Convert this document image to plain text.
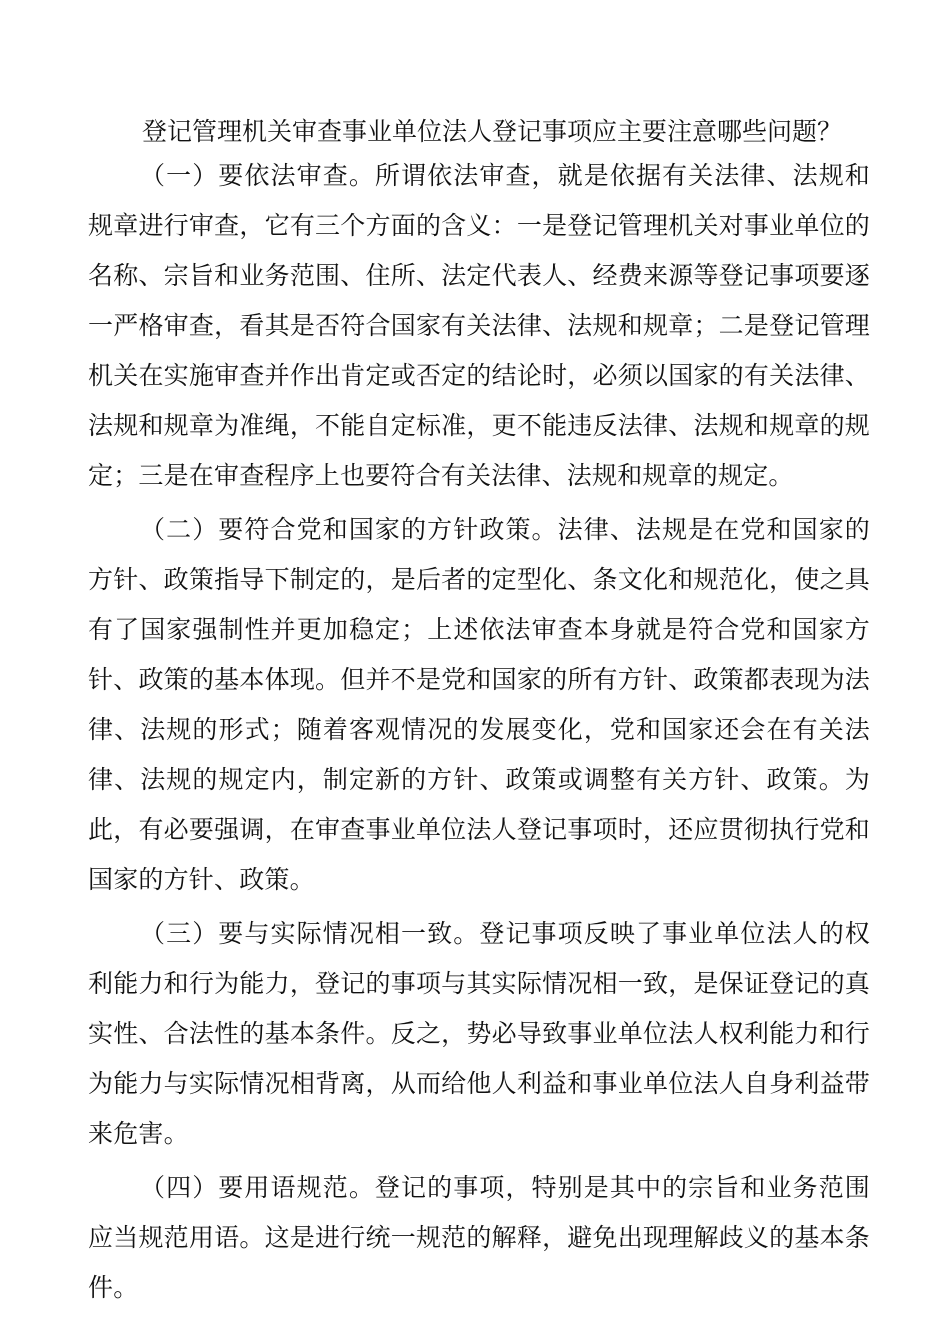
登记管理机关审查事业单位法人登记事项应主要注意哪些问题？

（一）要依法审查。所谓依法审查，就是依据有关法律、法规和规章进行审查，它有三个方面的含义：一是登记管理机关对事业单位的名称、宗旨和业务范围、住所、法定代表人、经费来源等登记事项要逐一严格审查，看其是否符合国家有关法律、法规和规章；二是登记管理机关在实施审查并作出肯定或否定的结论时，必须以国家的有关法律、法规和规章为准绳，不能自定标准，更不能违反法律、法规和规章的规定；三是在审查程序上也要符合有关法律、法规和规章的规定。

（二）要符合党和国家的方针政策。法律、法规是在党和国家的方针、政策指导下制定的，是后者的定型化、条文化和规范化，使之具有了国家强制性并更加稳定；上述依法审查本身就是符合党和国家方针、政策的基本体现。但并不是党和国家的所有方针、政策都表现为法律、法规的形式；随着客观情况的发展变化，党和国家还会在有关法律、法规的规定内，制定新的方针、政策或调整有关方针、政策。为此，有必要强调，在审查事业单位法人登记事项时，还应贯彻执行党和国家的方针、政策。

（三）要与实际情况相一致。登记事项反映了事业单位法人的权利能力和行为能力，登记的事项与其实际情况相一致，是保证登记的真实性、合法性的基本条件。反之，势必导致事业单位法人权利能力和行为能力与实际情况相背离，从而给他人利益和事业单位法人自身利益带来危害。

（四）要用语规范。登记的事项，特别是其中的宗旨和业务范围应当规范用语。这是进行统一规范的解释，避免出现理解歧义的基本条件。
